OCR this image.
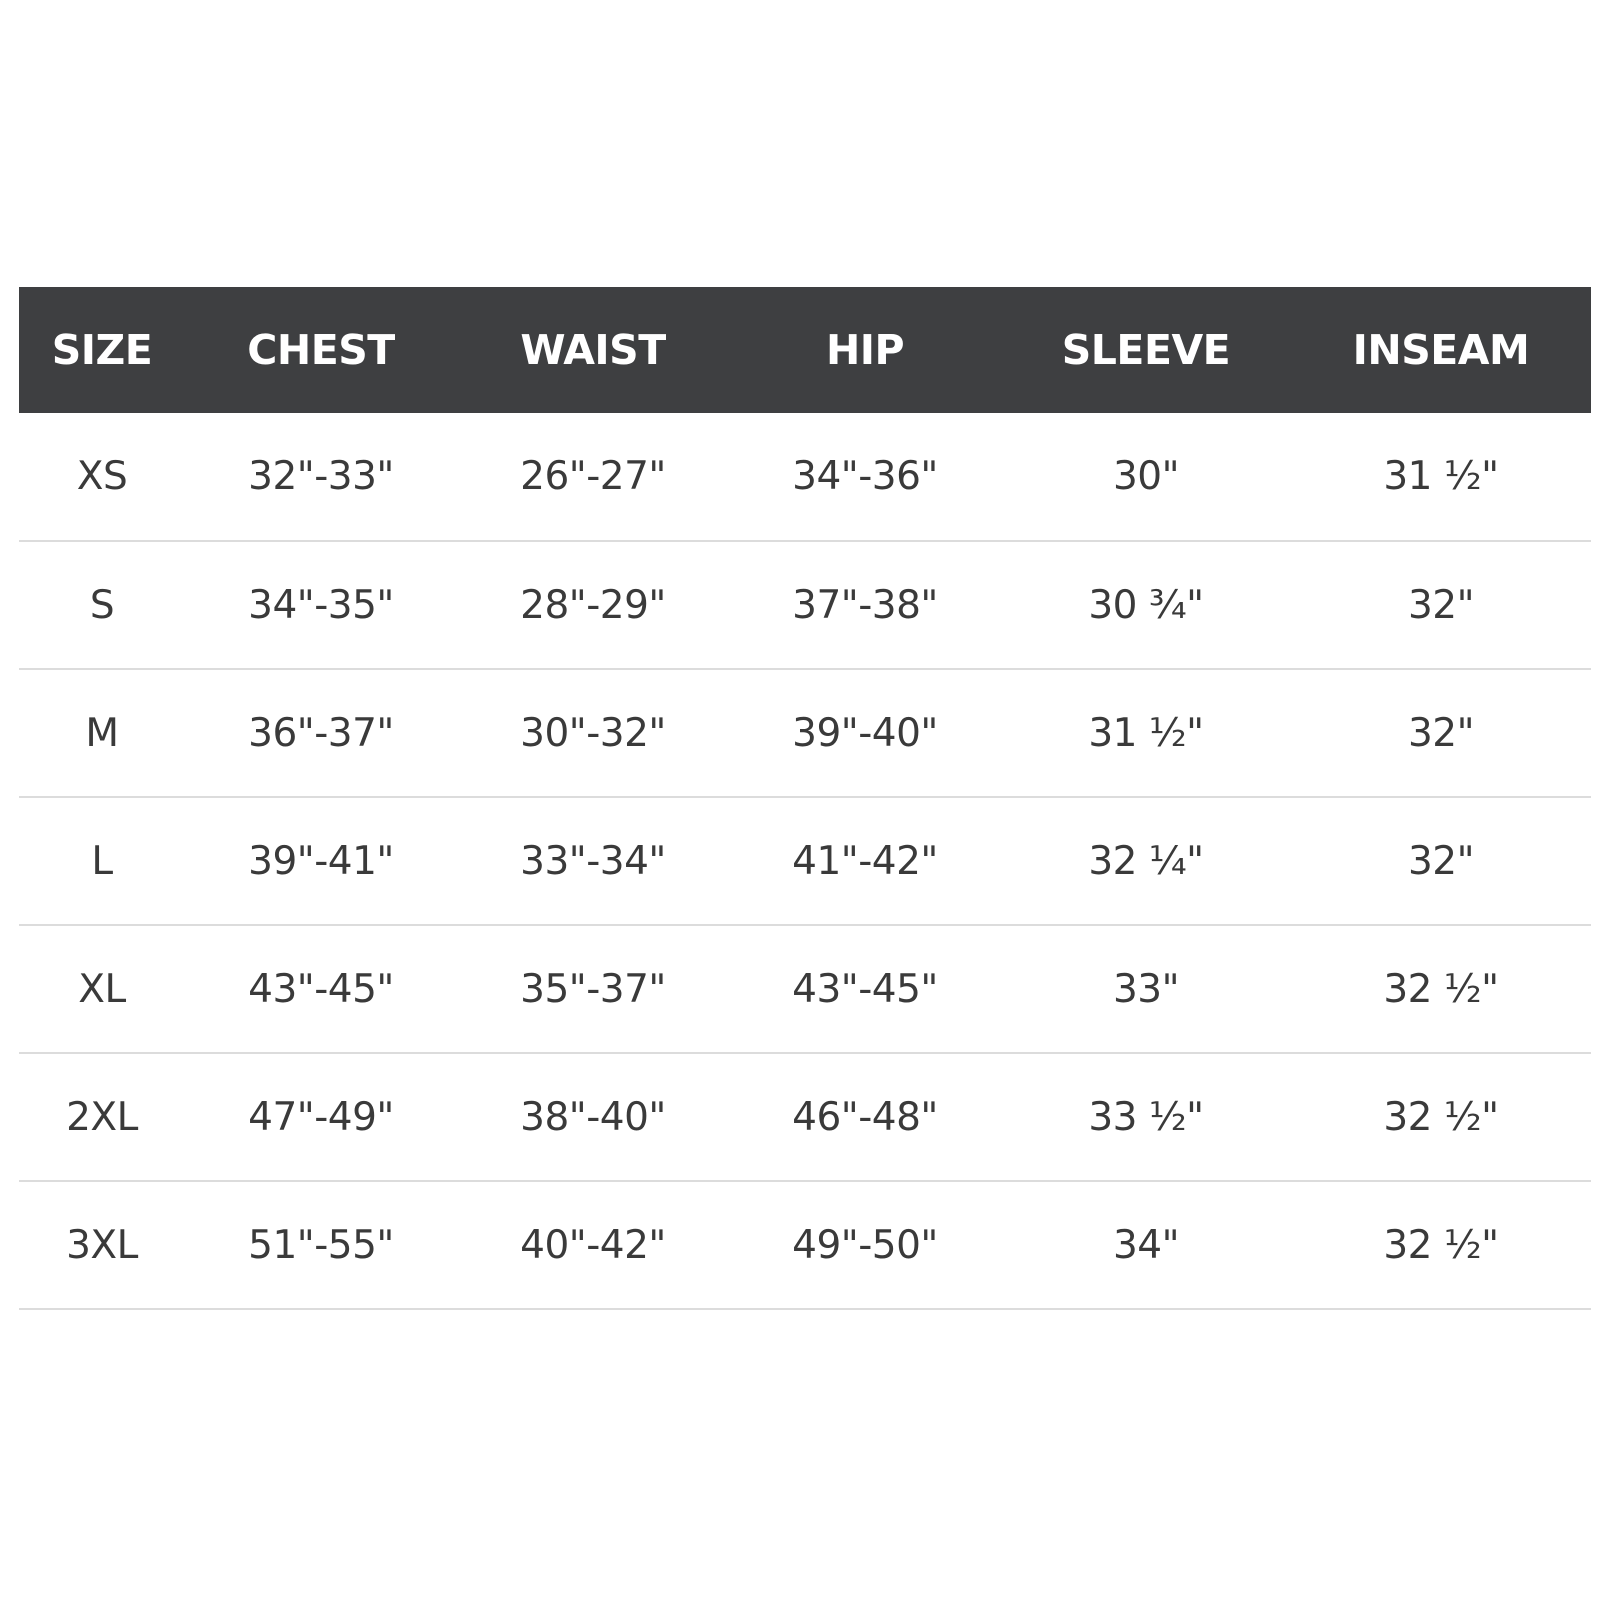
SIZE	CHEST	WAIST	HIP	SLEEVE	INSEAM
XS	32"-33"	26"-27"	34"-36"	30"	31 ½"
S	34"-35"	28"-29"	37"-38"	30 ¾"	32"
M	36"-37"	30"-32"	39"-40"	31 ½"	32"
L	39"-41"	33"-34"	41"-42"	32 ¼"	32"
XL	43"-45"	35"-37"	43"-45"	33"	32 ½"
2XL	47"-49"	38"-40"	46"-48"	33 ½"	32 ½"
3XL	51"-55"	40"-42"	49"-50"	34"	32 ½"
